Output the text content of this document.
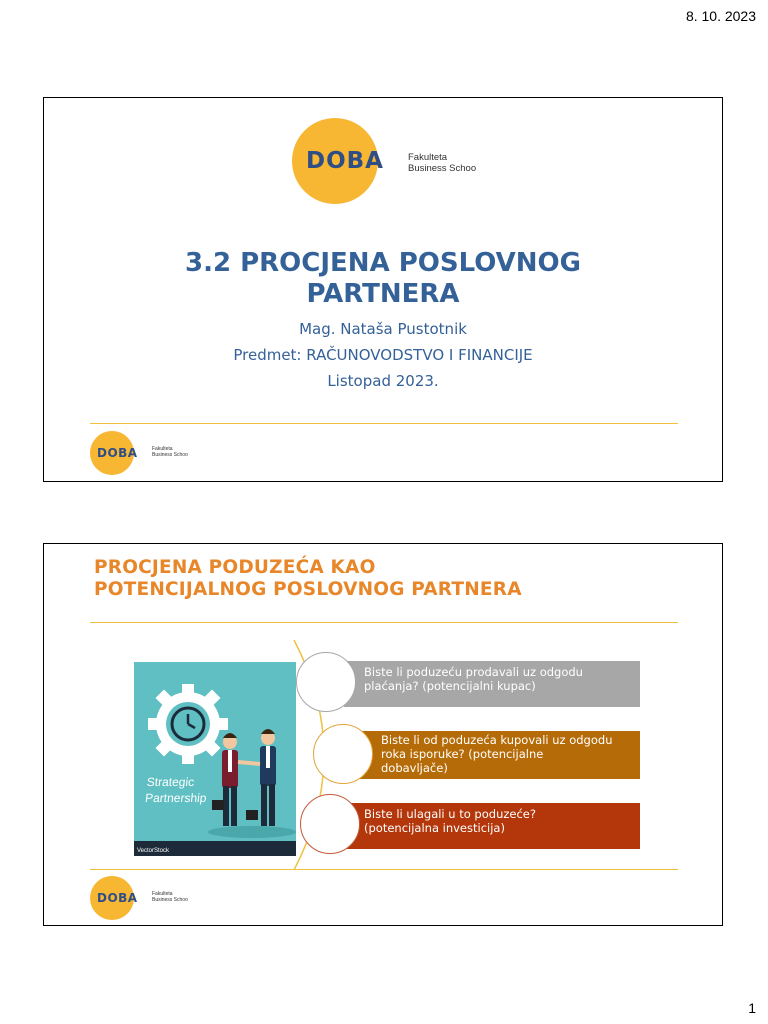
8. 10. 2023
DOBA	Fakulteta
Business Schoo
3.2 PROCJENA POSLOVNOG
PARTNERA
Mag. Nataša Pustotnik
Predmet: RAČUNOVODSTVO I FINANCIJE
Listopad 2023.
DOBA	Fakulteta
Business Schoo
PROCJENA PODUZEĆA KAO
POTENCIJALNOG POSLOVNOG PARTNERA
Strategic
Partnership
VectorStock
Biste li poduzeću prodavali uz odgodu
plaćanja? (potencijalni kupac)
Biste li od poduzeća kupovali uz odgodu
roka isporuke? (potencijalne
dobavljače)
Biste li ulagali u to poduzeće?
(potencijalna investicija)
DOBA	Fakulteta
Business Schoo
1
